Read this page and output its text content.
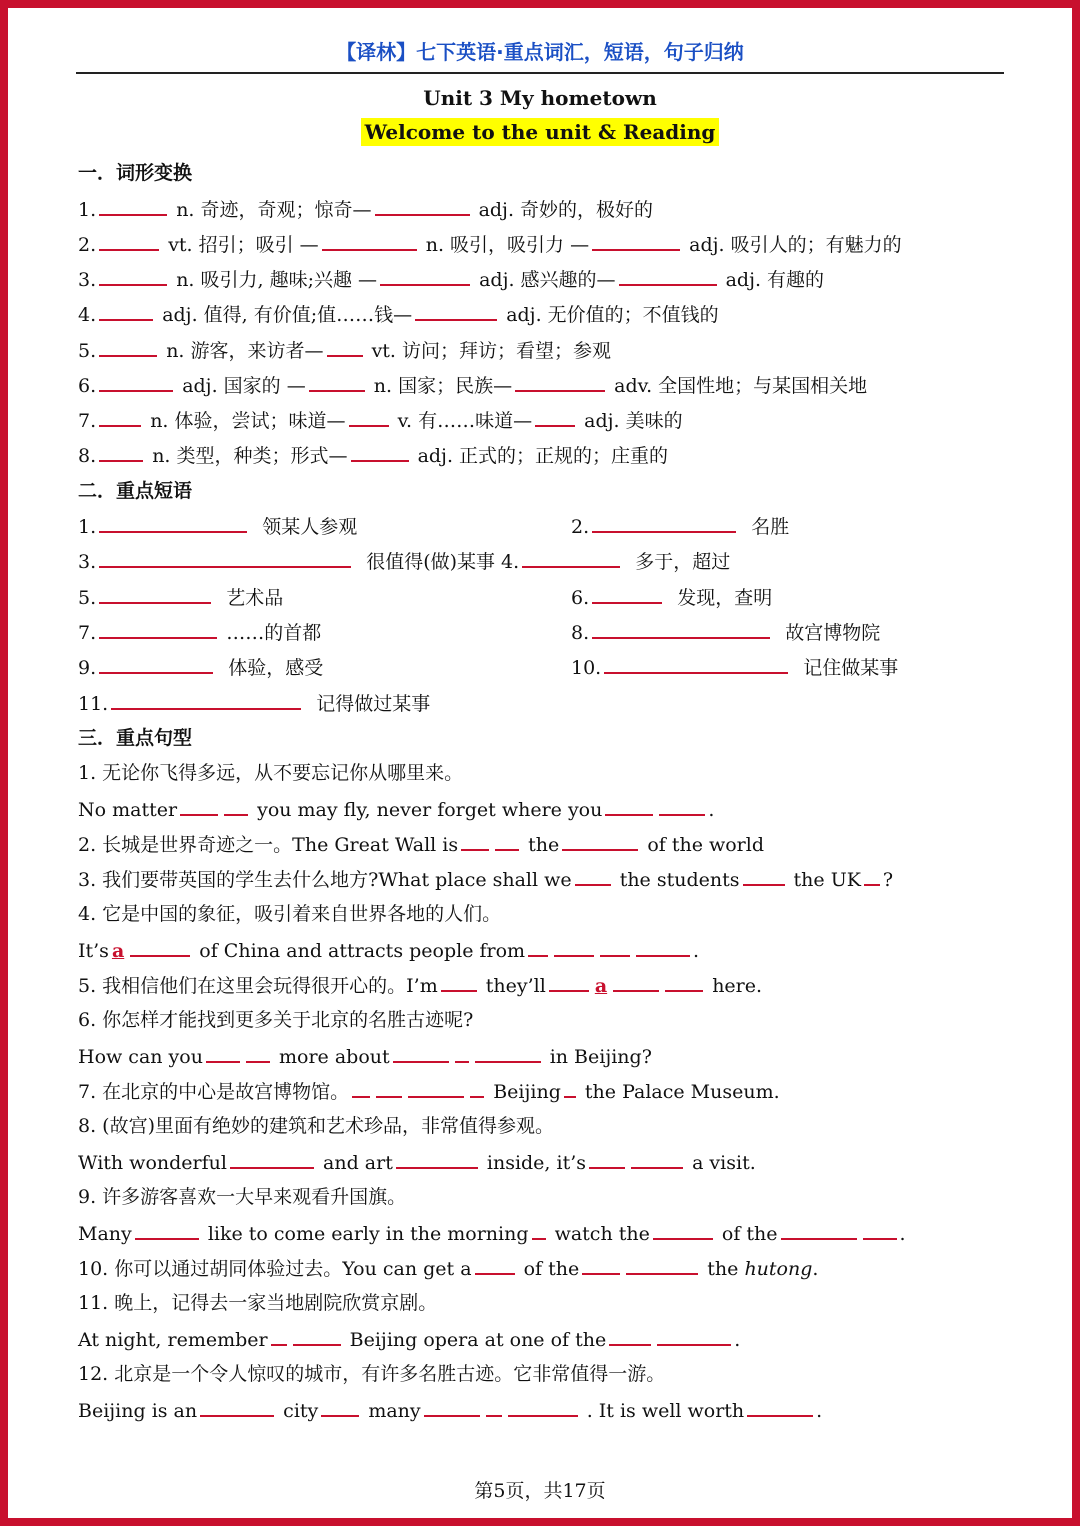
【译林】七下英语·重点词汇，短语，句子归纳
Unit 3 My hometown
Welcome to the unit & Reading
一．词形变换
1.	n. 奇迹，奇观；惊奇—	adj. 奇妙的，极好的
2.	vt. 招引；吸引 —	n. 吸引，吸引力 —	adj. 吸引人的；有魅力的
3.	n. 吸引力, 趣味;兴趣 —	adj. 感兴趣的—	adj. 有趣的
4.	adj. 值得, 有价值;值……钱—	adj. 无价值的；不值钱的
5.	n. 游客，来访者—	vt. 访问；拜访；看望；参观
6.	adj. 国家的 —	n. 国家；民族—	adv. 全国性地；与某国相关地
7.	n. 体验，尝试；味道—	v. 有……味道—	adj. 美味的
8.	n. 类型，种类；形式—	adj. 正式的；正规的；庄重的
二．重点短语
1.	领某人参观	2.	名胜
3.	很值得(做)某事 4.	多于，超过
5.	艺术品	6.	发现，查明
7.	……的首都	8.	故宫博物院
9.	体验，感受	10.	记住做某事
11.	记得做过某事
三．重点句型
1. 无论你飞得多远，从不要忘记你从哪里来。
No matter	you may fly, never forget where you	.
2. 长城是世界奇迹之一。The Great Wall is	the	of the world
3. 我们要带英国的学生去什么地方?What place shall we	the students	the UK ?
4. 它是中国的象征，吸引着来自世界各地的人们。
It’s a	of China and attracts people from	.
5. 我相信他们在这里会玩得很开心的。I’m	they’ll	a	here.
6. 你怎样才能找到更多关于北京的名胜古迹呢?
How can you	more about	in Beijing?
7. 在北京的中心是故宫博物馆。	Beijing the Palace Museum.
8. (故宫)里面有绝妙的建筑和艺术珍品，非常值得参观。
With wonderful	and art	inside, it’s	a visit.
9. 许多游客喜欢一大早来观看升国旗。
Many	like to come early in the morning watch the	of the	.
10. 你可以通过胡同体验过去。You can get a	of the	the hutong.
11. 晚上，记得去一家当地剧院欣赏京剧。
At night, remember	Beijing opera at one of the	.
12. 北京是一个令人惊叹的城市，有许多名胜古迹。它非常值得一游。
Beijing is an	city	many	. It is well worth	.
第5页，共17页
